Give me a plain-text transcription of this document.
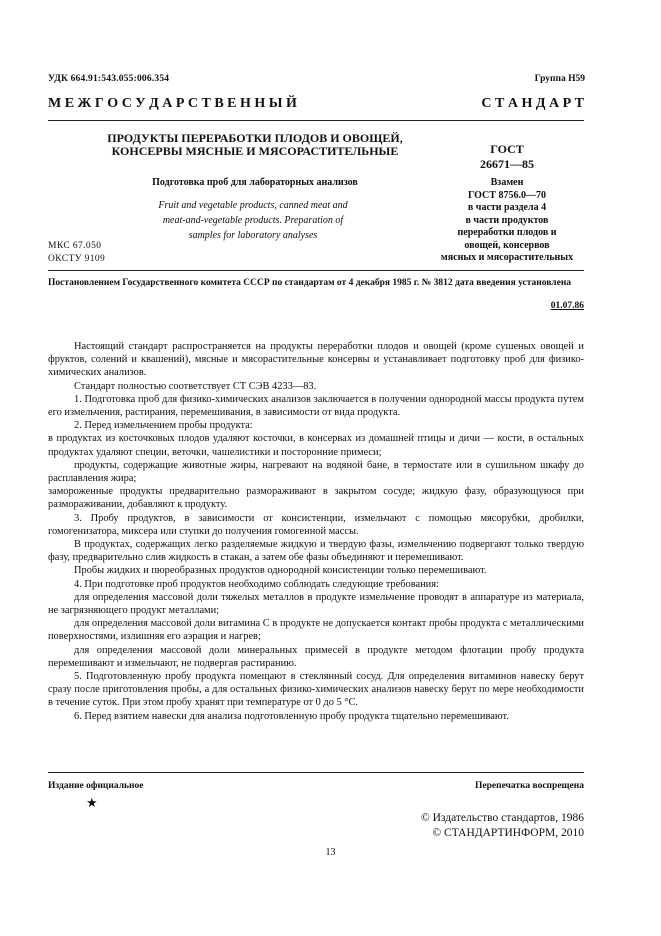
УДК 664.91:543.055:006.354	Группа Н59
М Е Ж Г О С У Д А Р С Т В Е Н Н Ы Й	С Т А Н Д А Р Т
ПРОДУКТЫ ПЕРЕРАБОТКИ ПЛОДОВ И ОВОЩЕЙ,
КОНСЕРВЫ МЯСНЫЕ И МЯСОРАСТИТЕЛЬНЫЕ
Подготовка проб для лабораторных анализов
Fruit and vegetable products, canned meat and
meat-and-vegetable products. Preparation of
samples for laboratory analyses
МКС 67.050
ОКСТУ 9109
ГОСТ
26671—85
Взамен
ГОСТ 8756.0—70
в части раздела 4
в части продуктов
переработки плодов и
овощей, консервов
мясных и мясорастительных
Постановлением Государственного комитета СССР по стандартам от 4 декабря 1985 г. № 3812 дата введения установлена
01.07.86

Настоящий стандарт распространяется на продукты переработки плодов и овощей (кроме сушеных овощей и фруктов, солений и квашений), мясные и мясорастительные консервы и устанавливает подготовку проб для физико-химических анализов.

Стандарт полностью соответствует СТ СЭВ 4233—83.

1. Подготовка проб для физико-химических анализов заключается в получении однородной массы продукта путем его измельчения, растирания, перемешивания, в зависимости от вида продукта.

2. Перед измельчением пробы продукта:

в продуктах из косточковых плодов удаляют косточки, в консервах из домашней птицы и дичи — кости, в остальных продуктах удаляют специи, веточки, чашелистики и посторонние примеси;

продукты, содержащие животные жиры, нагревают на водяной бане, в термостате или в сушильном шкафу до расплавления жира;

замороженные продукты предварительно размораживают в закрытом сосуде; жидкую фазу, образующуюся при размораживании, добавляют к продукту.

3. Пробу продуктов, в зависимости от консистенции, измельчают с помощью мясорубки, дробилки, гомогенизатора, миксера или ступки до получения гомогенной массы.

В продуктах, содержащих легко разделяемые жидкую и твердую фазы, измельчению подвергают только твердую фазу, предварительно слив жидкость в стакан, а затем обе фазы объединяют и перемешивают.

Пробы жидких и пюреобразных продуктов однородной консистенции только перемешивают.

4. При подготовке проб продуктов необходимо соблюдать следующие требования:

для определения массовой доли тяжелых металлов в продукте измельчение проводят в аппаратуре из материала, не загрязняющего продукт металлами;

для определения массовой доли витамина С в продукте не допускается контакт пробы продукта с металлическими поверхностями, излишняя его аэрация и нагрев;

для определения массовой доли минеральных примесей в продукте методом флотации пробу продукта перемешивают и измельчают, не подвергая растиранию.

5. Подготовленную пробу продукта помещают в стеклянный сосуд. Для определения витаминов навеску берут сразу после приготовления пробы, а для остальных физико-химических анализов навеску берут по мере необходимости в течение суток. При этом пробу хранят при температуре от 0 до 5 °С.

6. Перед взятием навески для анализа подготовленную пробу продукта тщательно перемешивают.

Издание официальное
★
Перепечатка воспрещена
© Издательство стандартов, 1986
© СТАНДАРТИНФОРМ, 2010
13
